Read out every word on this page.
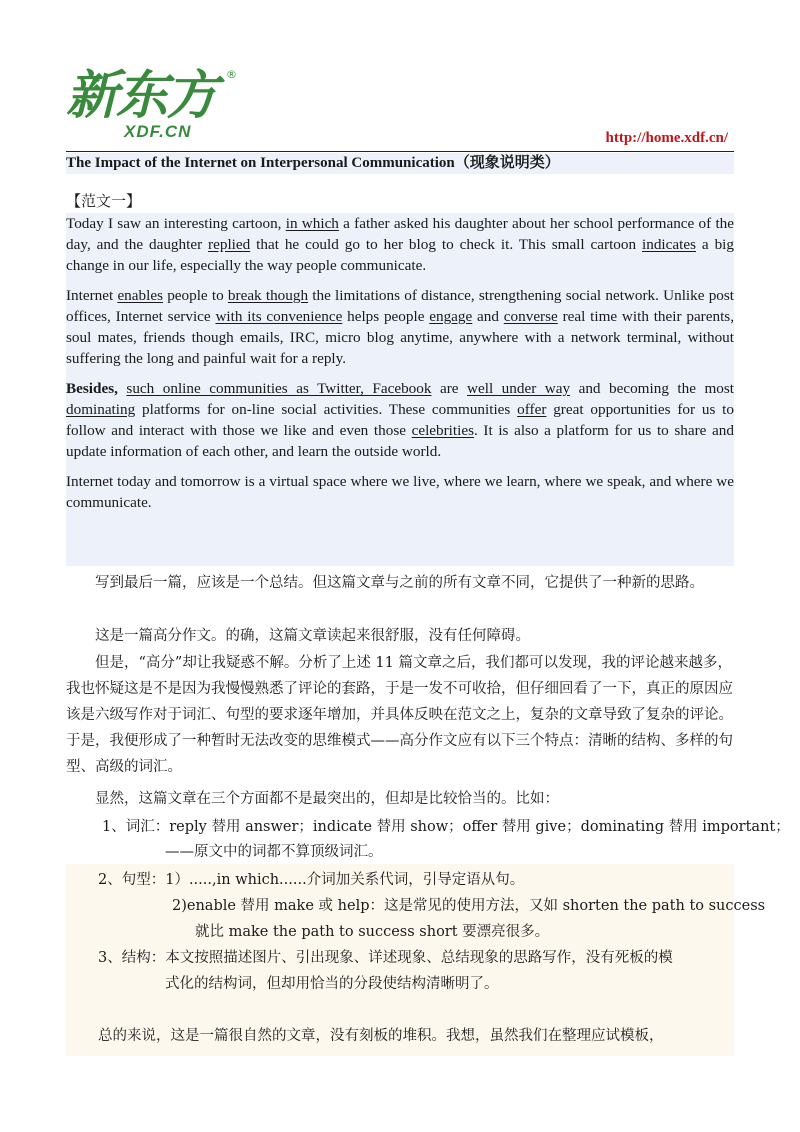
新东方 ®
XDF.CN	http://home.xdf.cn/
The Impact of the Internet on Interpersonal Communication（现象说明类）
【范文一】

Today I saw an interesting cartoon, in which a father asked his daughter about her school performance of the day, and the daughter replied that he could go to her blog to check it. This small cartoon indicates a big change in our life, especially the way people communicate.

Internet enables people to break though the limitations of distance, strengthening social network. Unlike post offices, Internet service with its convenience helps people engage and converse real time with their parents, soul mates, friends though emails, IRC, micro blog anytime, anywhere with a network terminal, without suffering the long and painful wait for a reply.

Besides, such online communities as Twitter, Facebook are well under way and becoming the most dominating platforms for on-line social activities. These communities offer great opportunities for us to follow and interact with those we like and even those celebrities. It is also a platform for us to share and update information of each other, and learn the outside world.

Internet today and tomorrow is a virtual space where we live, where we learn, where we speak, and where we communicate.

写到最后一篇，应该是一个总结。但这篇文章与之前的所有文章不同，它提供了一种新的思路。
这是一篇高分作文。的确，这篇文章读起来很舒服，没有任何障碍。
但是，“高分”却让我疑惑不解。分析了上述 11 篇文章之后，我们都可以发现，我的评论越来越多，我也怀疑这是不是因为我慢慢熟悉了评论的套路，于是一发不可收拾，但仔细回看了一下，真正的原因应该是六级写作对于词汇、句型的要求逐年增加，并具体反映在范文之上，复杂的文章导致了复杂的评论。于是，我便形成了一种暂时无法改变的思维模式——高分作文应有以下三个特点：清晰的结构、多样的句型、高级的词汇。
显然，这篇文章在三个方面都不是最突出的，但却是比较恰当的。比如：
1、词汇：reply 替用 answer；indicate 替用 show；offer 替用 give；dominating 替用 important；
——原文中的词都不算顶级词汇。
2、句型：1）.....,in which......介词加关系代词，引导定语从句。
2)enable 替用 make 或 help：这是常见的使用方法，又如 shorten the path to success
就比 make the path to success short 要漂亮很多。
3、结构：本文按照描述图片、引出现象、详述现象、总结现象的思路写作，没有死板的模
式化的结构词，但却用恰当的分段使结构清晰明了。
总的来说，这是一篇很自然的文章，没有刻板的堆积。我想，虽然我们在整理应试模板，
